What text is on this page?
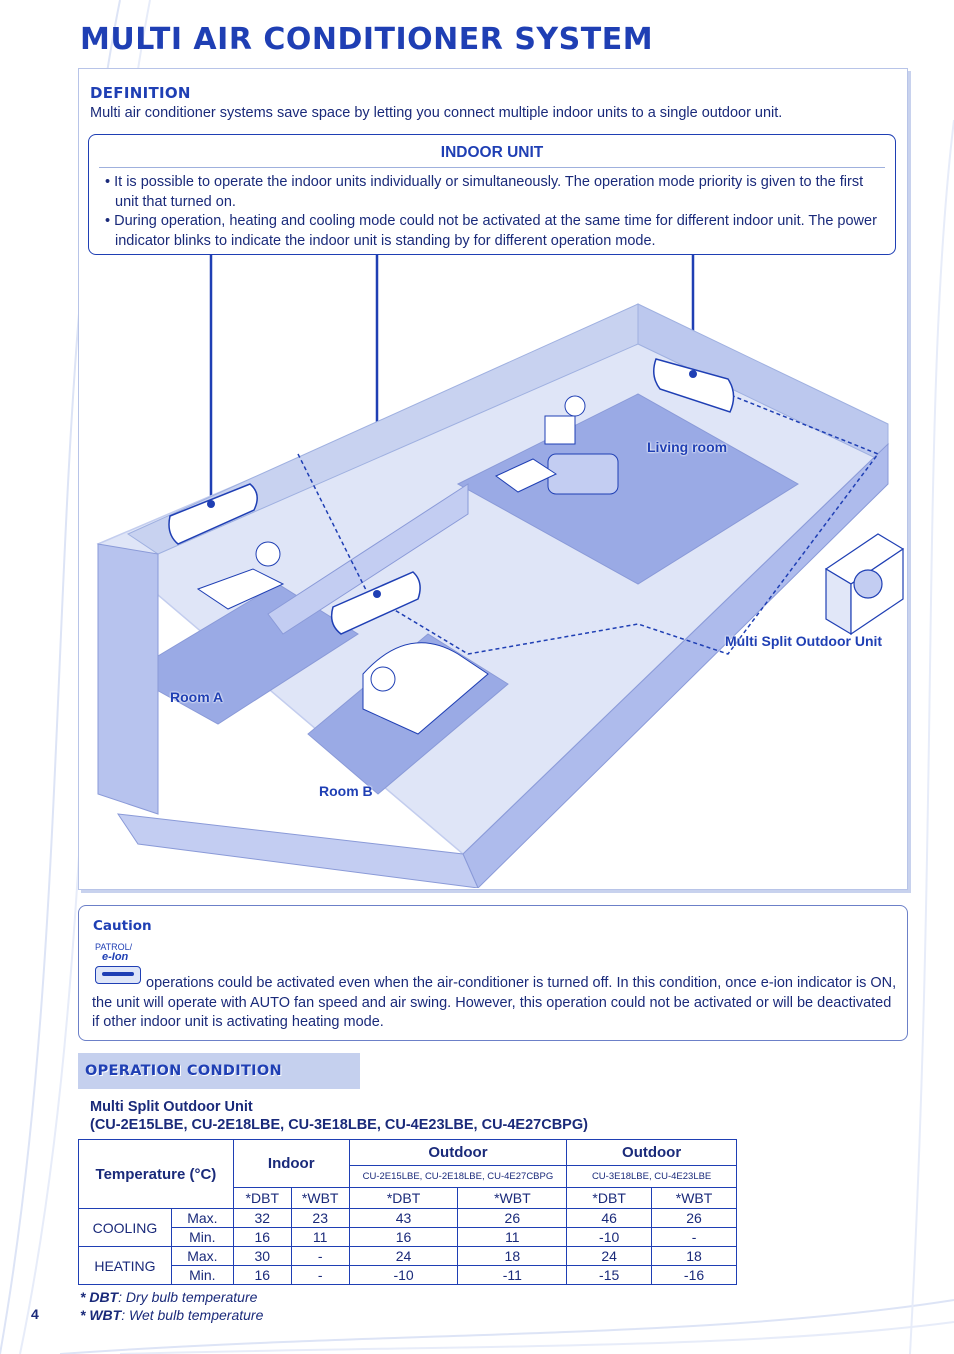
MULTI AIR CONDITIONER SYSTEM
DEFINITION
Multi air conditioner systems save space by letting you connect multiple indoor units to a single outdoor unit.
INDOOR UNIT
• It is possible to operate the indoor units individually or simultaneously. The operation mode priority is given to the first unit that turned on.
• During operation, heating and cooling mode could not be activated at the same time for different indoor unit. The power indicator blinks to indicate the indoor unit is standing by for different operation mode.
Living room
Multi Split Outdoor Unit
Room A
Room B
Caution
PATROL/
e-Ion
operations could be activated even when the air-conditioner is turned off. In this condition, once e-ion indicator is ON, the unit will operate with AUTO fan speed and air swing. However, this operation could not be activated or will be deactivated if other indoor unit is activating heating mode.
OPERATION CONDITION
Multi Split Outdoor Unit
(CU-2E15LBE, CU-2E18LBE, CU-3E18LBE, CU-4E23LBE, CU-4E27CBPG)
Temperature (°C)		Indoor		Outdoor		Outdoor	
				CU-2E15LBE, CU-2E18LBE, CU-4E27CBPG		CU-3E18LBE, CU-4E23LBE	
		*DBT	*WBT	*DBT	*WBT	*DBT	*WBT
COOLING	Max.	32	23	43	26	46	26
	Min.	16	11	16	11	-10	-
HEATING	Max.	30	-	24	18	24	18
	Min.	16	-	-10	-11	-15	-16
* DBT: Dry bulb temperature
* WBT: Wet bulb temperature
4
